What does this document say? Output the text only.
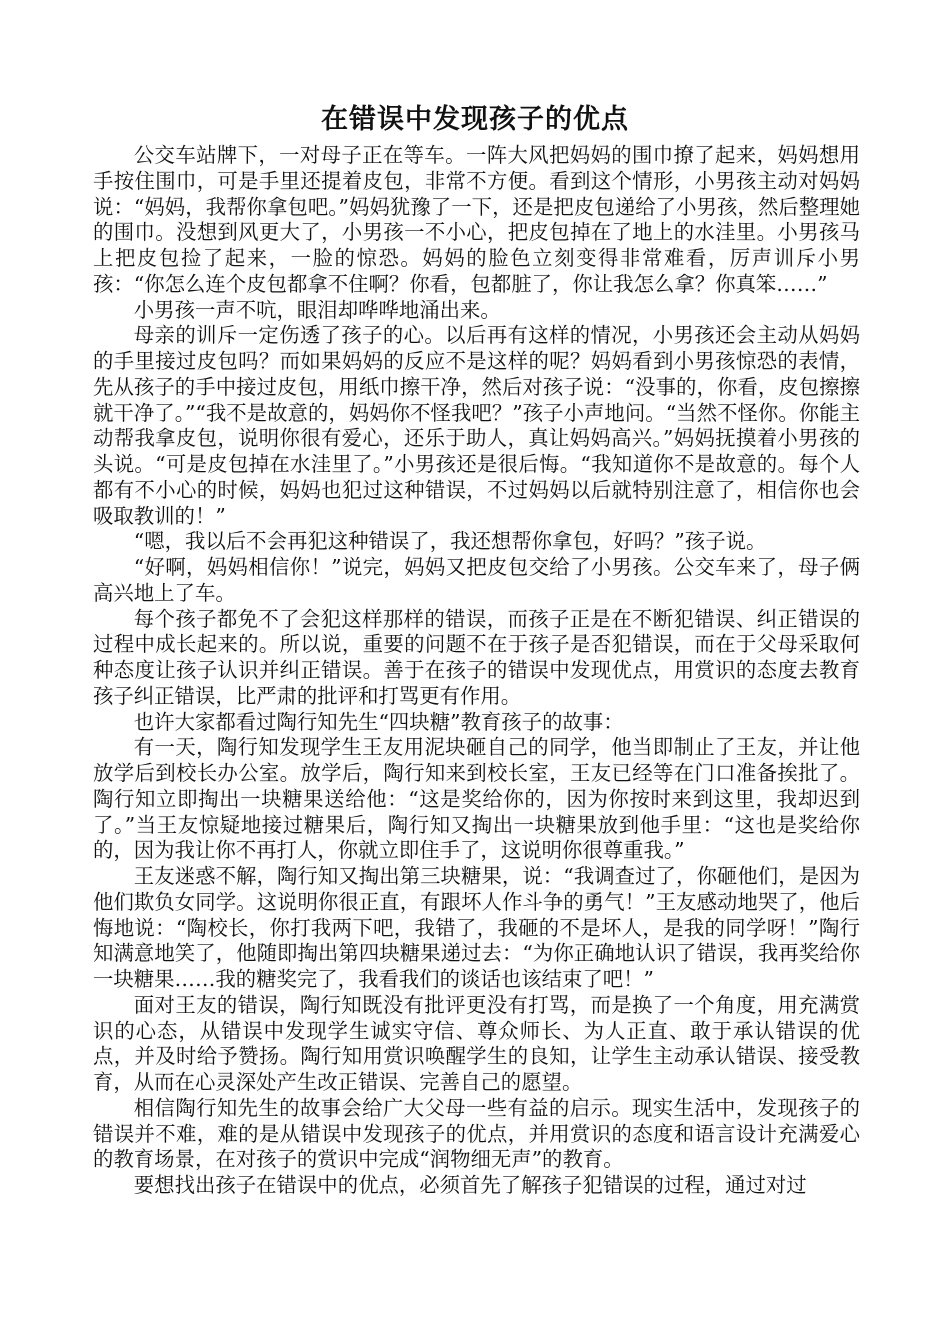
在错误中发现孩子的优点

公交车站牌下，一对母子正在等车。一阵大风把妈妈的围巾撩了起来，妈妈想用手按住围巾，可是手里还提着皮包，非常不方便。看到这个情形，小男孩主动对妈妈说：“妈妈，我帮你拿包吧。”妈妈犹豫了一下，还是把皮包递给了小男孩，然后整理她的围巾。没想到风更大了，小男孩一不小心，把皮包掉在了地上的水洼里。小男孩马上把皮包捡了起来，一脸的惊恐。妈妈的脸色立刻变得非常难看，厉声训斥小男孩：“你怎么连个皮包都拿不住啊？你看，包都脏了，你让我怎么拿？你真笨……”

小男孩一声不吭，眼泪却哗哗地涌出来。

母亲的训斥一定伤透了孩子的心。以后再有这样的情况，小男孩还会主动从妈妈的手里接过皮包吗？而如果妈妈的反应不是这样的呢？妈妈看到小男孩惊恐的表情，先从孩子的手中接过皮包，用纸巾擦干净，然后对孩子说：“没事的，你看，皮包擦擦就干净了。”“我不是故意的，妈妈你不怪我吧？”孩子小声地问。“当然不怪你。你能主动帮我拿皮包，说明你很有爱心，还乐于助人，真让妈妈高兴。”妈妈抚摸着小男孩的头说。“可是皮包掉在水洼里了。”小男孩还是很后悔。“我知道你不是故意的。每个人都有不小心的时候，妈妈也犯过这种错误，不过妈妈以后就特别注意了，相信你也会吸取教训的！”

“嗯，我以后不会再犯这种错误了，我还想帮你拿包，好吗？”孩子说。

“好啊，妈妈相信你！”说完，妈妈又把皮包交给了小男孩。公交车来了，母子俩高兴地上了车。

每个孩子都免不了会犯这样那样的错误，而孩子正是在不断犯错误、纠正错误的过程中成长起来的。所以说，重要的问题不在于孩子是否犯错误，而在于父母采取何种态度让孩子认识并纠正错误。善于在孩子的错误中发现优点，用赏识的态度去教育孩子纠正错误，比严肃的批评和打骂更有作用。

也许大家都看过陶行知先生“四块糖”教育孩子的故事：

有一天，陶行知发现学生王友用泥块砸自己的同学，他当即制止了王友，并让他放学后到校长办公室。放学后，陶行知来到校长室，王友已经等在门口准备挨批了。陶行知立即掏出一块糖果送给他：“这是奖给你的，因为你按时来到这里，我却迟到了。”当王友惊疑地接过糖果后，陶行知又掏出一块糖果放到他手里：“这也是奖给你的，因为我让你不再打人，你就立即住手了，这说明你很尊重我。”

王友迷惑不解，陶行知又掏出第三块糖果，说：“我调查过了，你砸他们，是因为他们欺负女同学。这说明你很正直，有跟坏人作斗争的勇气！”王友感动地哭了，他后悔地说：“陶校长，你打我两下吧，我错了，我砸的不是坏人，是我的同学呀！”陶行知满意地笑了，他随即掏出第四块糖果递过去：“为你正确地认识了错误，我再奖给你一块糖果……我的糖奖完了，我看我们的谈话也该结束了吧！”

面对王友的错误，陶行知既没有批评更没有打骂，而是换了一个角度，用充满赏识的心态，从错误中发现学生诚实守信、尊众师长、为人正直、敢于承认错误的优点，并及时给予赞扬。陶行知用赏识唤醒学生的良知，让学生主动承认错误、接受教育，从而在心灵深处产生改正错误、完善自己的愿望。

相信陶行知先生的故事会给广大父母一些有益的启示。现实生活中，发现孩子的错误并不难，难的是从错误中发现孩子的优点，并用赏识的态度和语言设计充满爱心的教育场景，在对孩子的赏识中完成“润物细无声”的教育。

要想找出孩子在错误中的优点，必须首先了解孩子犯错误的过程，通过对过
